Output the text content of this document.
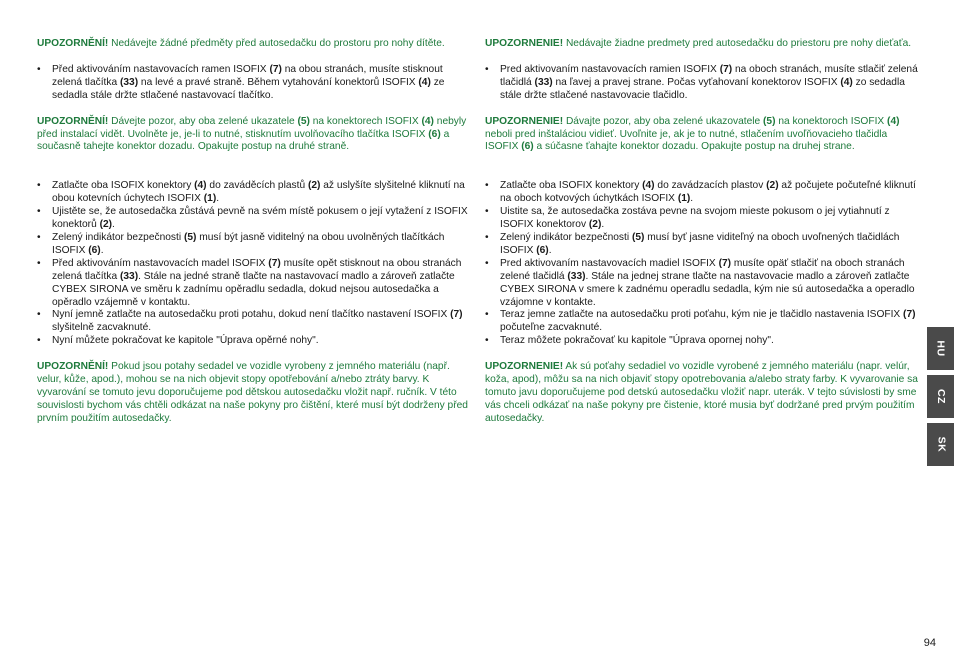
UPOZORNĚNÍ! Nedávejte žádné předměty před autosedačku do prostoru pro nohy dítěte.

• Před aktivováním nastavovacích ramen ISOFIX (7) na obou stranách, musíte stisknout zelená tlačítka (33) na levé a pravé straně. Během vytahování konektorů ISOFIX (4) ze sedadla stále držte stlačené nastavovací tlačítko.

UPOZORNĚNÍ! Dávejte pozor, aby oba zelené ukazatele (5) na konektorech ISOFIX (4) nebyly před instalací vidět. Uvolněte je, je-li to nutné, stisknutím uvolňovacího tlačítka ISOFIX (6) a současně tahejte konektor dozadu. Opakujte postup na druhé straně.

• Zatlačte oba ISOFIX konektory (4) do zaváděcích plastů (2) až uslyšíte slyšitelné kliknutí na obou kotevních úchytech ISOFIX (1).
• Ujistěte se, že autosedačka zůstává pevně na svém místě pokusem o její vytažení z ISOFIX konektorů (2).
• Zelený indikátor bezpečnosti (5) musí být jasně viditelný na obou uvolněných tlačítkách ISOFIX (6).
• Před aktivováním nastavovacích madel ISOFIX (7) musíte opět stisknout na obou stranách zelená tlačítka (33). Stále na jedné straně tlačte na nastavovací madlo a zároveň zatlačte CYBEX SIRONA ve směru k zadnímu opěradlu sedadla, dokud nejsou autosedačka a opěradlo vzájemně v kontaktu.
• Nyní jemně zatlačte na autosedačku proti potahu, dokud není tlačítko nastavení ISOFIX (7) slyšitelně zacvaknuté.
• Nyní můžete pokračovat ke kapitole "Úprava opěrné nohy".

UPOZORNĚNÍ! Pokud jsou potahy sedadel ve vozidle vyrobeny z jemného materiálu (např. velur, kůže, apod.), mohou se na nich objevit stopy opotřebování a/nebo ztráty barvy. K vyvarování se tomuto jevu doporučujeme pod dětskou autosedačku vložit např. ručník. V této souvislosti bychom vás chtěli odkázat na naše pokyny pro čištění, které musí být dodrženy před prvním použitím autosedačky.

UPOZORNENIE! Nedávajte žiadne predmety pred autosedačku do priestoru pre nohy dieťaťa.

• Pred aktivovaním nastavovacích ramien ISOFIX (7) na oboch stranách, musíte stlačiť zelená tlačidlá (33) na ľavej a pravej strane. Počas vyťahovaní konektorov ISOFIX (4) zo sedadla stále držte stlačené nastavovacie tlačidlo.

UPOZORNENIE! Dávajte pozor, aby oba zelené ukazovatele (5) na konektoroch ISOFIX (4) neboli pred inštaláciou vidieť. Uvoľnite je, ak je to nutné, stlačením uvoľňovacieho tlačidla ISOFIX (6) a súčasne ťahajte konektor dozadu. Opakujte postup na druhej strane.

• Zatlačte oba ISOFIX konektory (4) do zavádzacích plastov (2) až počujete počuteľné kliknutí na oboch kotvových úchytkách ISOFIX (1).
• Uistite sa, že autosedačka zostáva pevne na svojom mieste pokusom o jej vytiahnutí z ISOFIX konektorov (2).
• Zelený indikátor bezpečnosti (5) musí byť jasne viditeľný na oboch uvoľnených tlačidlách ISOFIX (6).
• Pred aktivovaním nastavovacích madiel ISOFIX (7) musíte opäť stlačiť na oboch stranách zelené tlačidlá (33). Stále na jednej strane tlačte na nastavovacie madlo a zároveň zatlačte CYBEX SIRONA v smere k zadnému operadlu sedadla, kým nie sú autosedačka a operadlo vzájomne v kontakte.
• Teraz jemne zatlačte na autosedačku proti poťahu, kým nie je tlačidlo nastavenia ISOFIX (7) počuteľne zacvaknuté.
• Teraz môžete pokračovať ku kapitole "Úprava opornej nohy".

UPOZORNENIE! Ak sú poťahy sedadiel vo vozidle vyrobené z jemného materiálu (napr. velúr, koža, apod), môžu sa na nich objaviť stopy opotrebovania a/alebo straty farby. K vyvarovanie sa tomuto javu doporučujeme pod detskú autosedačku vložiť napr. uterák. V tejto súvislosti by sme vás chceli odkázať na naše pokyny pre čistenie, ktoré musia byť dodržané pred prvým použitím autosedačky.

HU
CZ
SK
94
